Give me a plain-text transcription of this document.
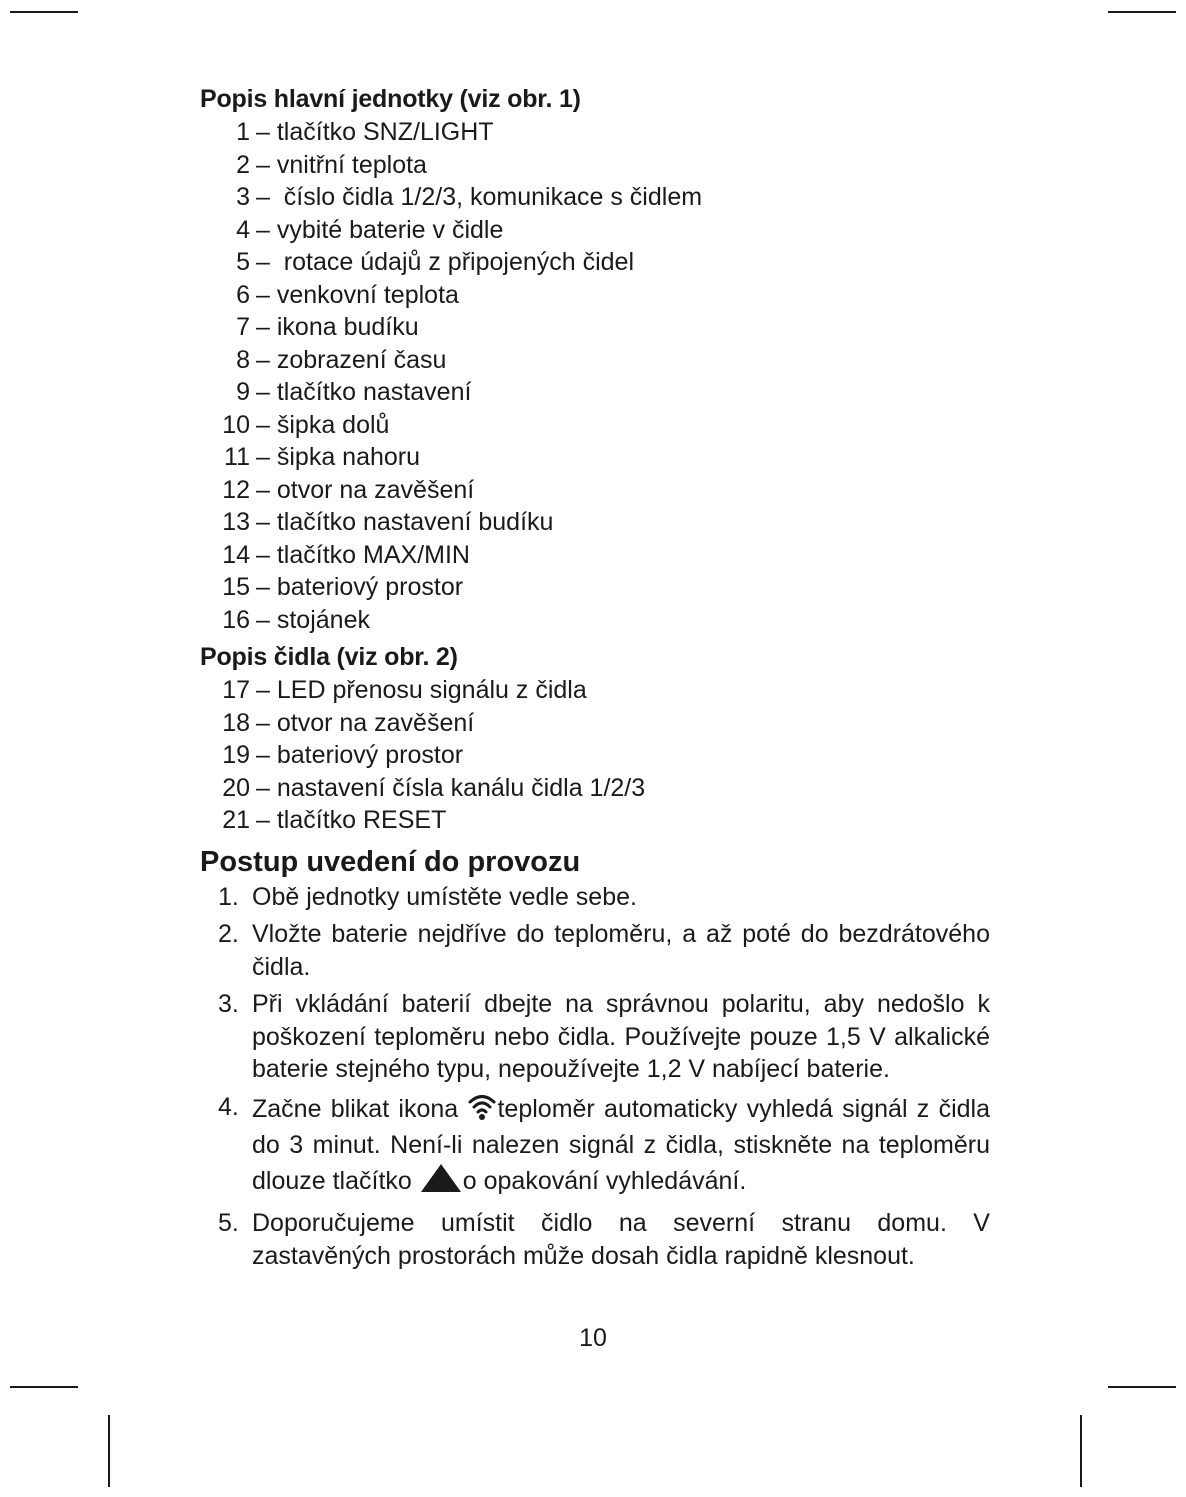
Popis hlavní jednotky (viz obr. 1)
1 – tlačítko SNZ/LIGHT
2 – vnitřní teplota
3 – číslo čidla 1/2/3, komunikace s čidlem
4 – vybité baterie v čidle
5 – rotace údajů z připojených čidel
6 – venkovní teplota
7 – ikona budíku
8 – zobrazení času
9 – tlačítko nastavení
10 – šipka dolů
11 – šipka nahoru
12 – otvor na zavěšení
13 – tlačítko nastavení budíku
14 – tlačítko MAX/MIN
15 – bateriový prostor
16 – stojánek
Popis čidla (viz obr. 2)
17 – LED přenosu signálu z čidla
18 – otvor na zavěšení
19 – bateriový prostor
20 – nastavení čísla kanálu čidla 1/2/3
21 – tlačítko RESET
Postup uvedení do provozu
1. Obě jednotky umístěte vedle sebe.
2. Vložte baterie nejdříve do teploměru, a až poté do bezdrátového čidla.
3. Při vkládání baterií dbejte na správnou polaritu, aby nedošlo k poškození teploměru nebo čidla. Používejte pouze 1,5 V alkalické baterie stejného typu, nepoužívejte 1,2 V nabíjecí baterie.
4. Začne blikat ikona teploměr automaticky vyhledá signál z čidla do 3 minut. Není-li nalezen signál z čidla, stiskněte na teploměru dlouze tlačítko o opakování vyhledávání.
5. Doporučujeme umístit čidlo na severní stranu domu. V zastavěných prostorách může dosah čidla rapidně klesnout.
10
